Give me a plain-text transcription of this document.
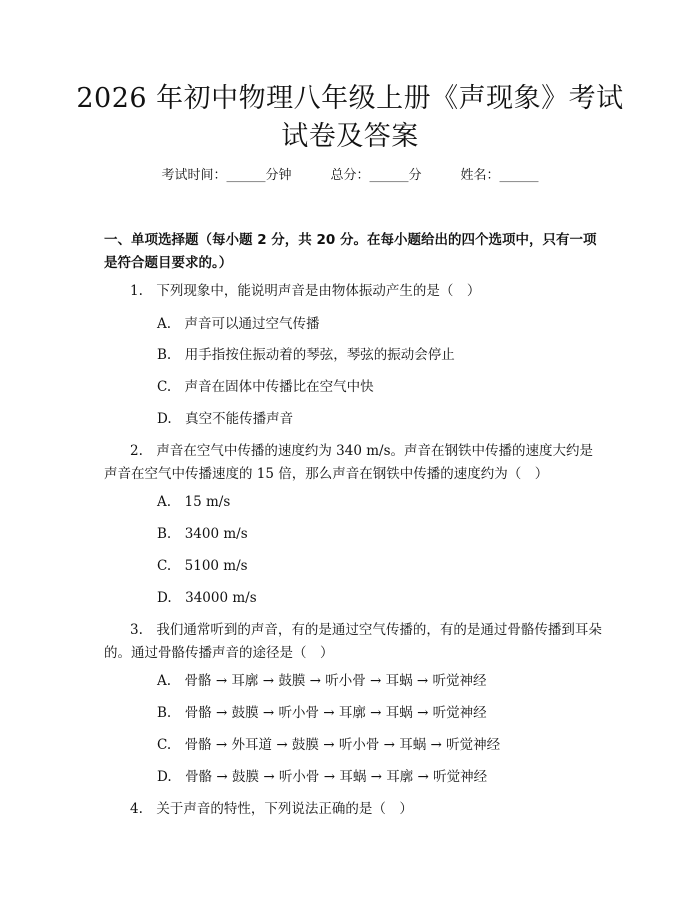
2026 年初中物理八年级上册《声现象》考试
试卷及答案
考试时间：______分钟　　　总分：______分　　　姓名：______
一、单项选择题（每小题 2 分，共 20 分。在每小题给出的四个选项中，只有一项
是符合题目要求的。）
1.　下列现象中，能说明声音是由物体振动产生的是（　）
A.　声音可以通过空气传播
B.　用手指按住振动着的琴弦，琴弦的振动会停止
C.　声音在固体中传播比在空气中快
D.　真空不能传播声音
2.　声音在空气中传播的速度约为 340 m/s。声音在钢铁中传播的速度大约是声音在空气中传播速度的 15 倍，那么声音在钢铁中传播的速度约为（　）
A.　15 m/s
B.　3400 m/s
C.　5100 m/s
D.　34000 m/s
3.　我们通常听到的声音，有的是通过空气传播的，有的是通过骨骼传播到耳朵的。通过骨骼传播声音的途径是（　）
A.　骨骼 → 耳廓 → 鼓膜 → 听小骨 → 耳蜗 → 听觉神经
B.　骨骼 → 鼓膜 → 听小骨 → 耳廓 → 耳蜗 → 听觉神经
C.　骨骼 → 外耳道 → 鼓膜 → 听小骨 → 耳蜗 → 听觉神经
D.　骨骼 → 鼓膜 → 听小骨 → 耳蜗 → 耳廓 → 听觉神经
4.　关于声音的特性，下列说法正确的是（　）
